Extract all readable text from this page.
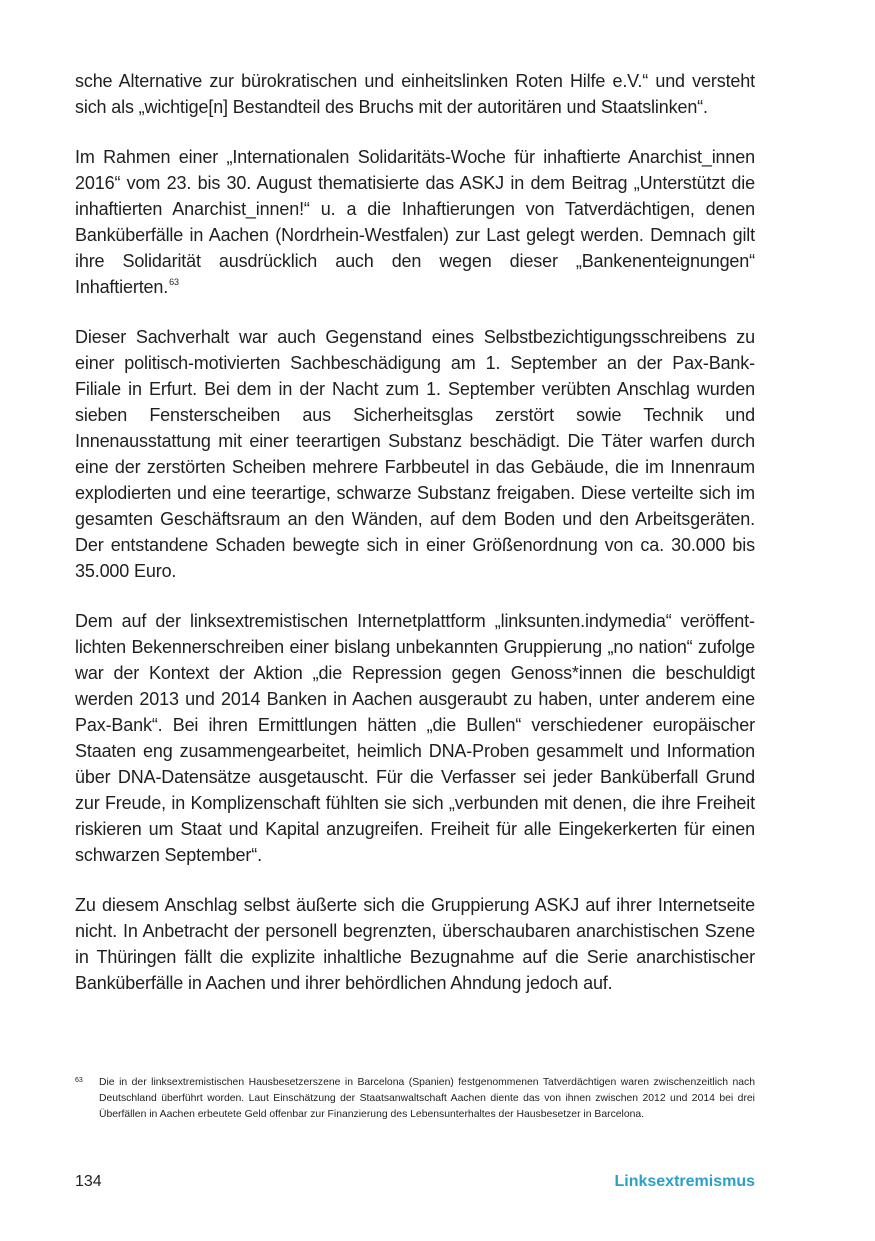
sche Alternative zur bürokratischen und einheitslinken Roten Hilfe e.V.“ und versteht sich als „wichtige[n] Bestandteil des Bruchs mit der autoritären und Staatslinken“.

Im Rahmen einer „Internationalen Solidaritäts-Woche für inhaftierte Anarchist_innen 2016“ vom 23. bis 30. August thematisierte das ASKJ in dem Beitrag „Unterstützt die inhaftierten Anarchist_innen!“ u. a die Inhaftierungen von Tatverdächtigen, denen Banküberfälle in Aachen (Nordrhein-Westfalen) zur Last gelegt werden. Demnach gilt ihre Solidarität ausdrücklich auch den wegen dieser „Bankenenteignungen“ Inhaftierten.$^{63}$

Dieser Sachverhalt war auch Gegenstand eines Selbstbezichtigungsschreibens zu einer politisch-motivierten Sachbeschädigung am 1. September an der Pax-Bank-Filiale in Erfurt. Bei dem in der Nacht zum 1. September verübten Anschlag wurden sieben Fensterscheiben aus Sicherheitsglas zerstört sowie Technik und Innenausstattung mit einer teerartigen Substanz beschädigt. Die Täter warfen durch eine der zerstörten Scheiben mehrere Farbbeutel in das Gebäude, die im Innenraum explodierten und eine teerartige, schwarze Substanz freigaben. Diese verteilte sich im gesamten Geschäftsraum an den Wänden, auf dem Boden und den Arbeitsgeräten. Der entstandene Schaden bewegte sich in einer Größenordnung von ca. 30.000 bis 35.000 Euro.

Dem auf der linksextremistischen Internetplattform „linksunten.indymedia“ veröffentlichten Bekennerschreiben einer bislang unbekannten Gruppierung „no nation“ zufolge war der Kontext der Aktion „die Repression gegen Genoss*innen die beschuldigt werden 2013 und 2014 Banken in Aachen ausgeraubt zu haben, unter anderem eine Pax-Bank“. Bei ihren Ermittlungen hätten „die Bullen“ verschiedener europäischer Staaten eng zusammengearbeitet, heimlich DNA-Proben gesammelt und Information über DNA-Datensätze ausgetauscht. Für die Verfasser sei jeder Banküberfall Grund zur Freude, in Komplizenschaft fühlten sie sich „verbunden mit denen, die ihre Freiheit riskieren um Staat und Kapital anzugreifen. Freiheit für alle Eingekerkerten für einen schwarzen September“.

Zu diesem Anschlag selbst äußerte sich die Gruppierung ASKJ auf ihrer Internetseite nicht. In Anbetracht der personell begrenzten, überschaubaren anarchistischen Szene in Thüringen fällt die explizite inhaltliche Bezugnahme auf die Serie anarchistischer Banküberfälle in Aachen und ihrer behördlichen Ahndung jedoch auf.

63	Die in der linksextremistischen Hausbesetzerszene in Barcelona (Spanien) festgenommenen Tatverdächtigen waren zwischenzeitlich nach Deutschland überführt worden. Laut Einschätzung der Staatsanwaltschaft Aachen diente das von ihnen zwischen 2012 und 2014 bei drei Überfällen in Aachen erbeutete Geld offenbar zur Finanzierung des Lebensunterhaltes der Hausbesetzer in Barcelona.
134	Linksextremismus
